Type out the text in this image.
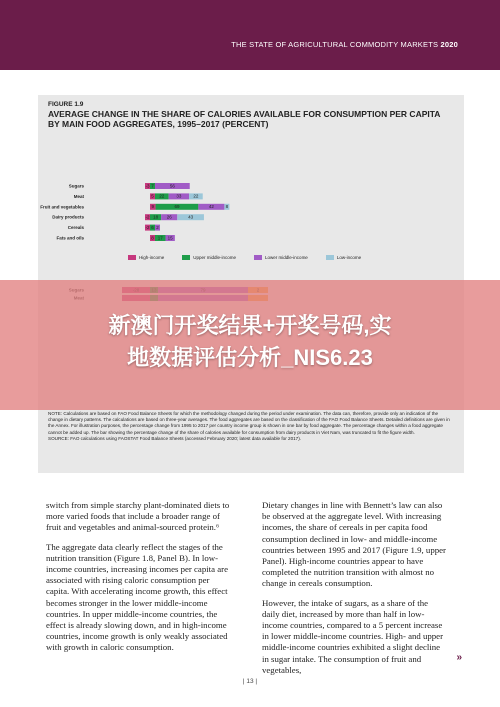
THE STATE OF AGRICULTURAL COMMODITY MARKETS 2020
FIGURE 1.9
AVERAGE CHANGE IN THE SHARE OF CALORIES AVAILABLE FOR CONSUMPTION PER CAPITA BY MAIN FOOD AGGREGATES, 1995–2017 (PERCENT)
Sugars	-3 7	56
Meat	5 22	33	22
Fruit and vegetables	9	69	42	8
Dairy products	-2 18 26	43
Cereals	-2 6 2
Fats and oils	8 17 15
High-income	Upper middle-income	Lower middle-income	Low-income
NOTE: Calculations are based on FAO Food Balance Sheets for which the methodology changed during the period under examination. The data can, therefore, provide only an indication of the change in dietary patterns. The calculations are based on three-year averages. The food aggregates are based on the classification of the FAO Food Balance Sheets. Detailed definitions are given in the Annex. For illustration purposes, the percentage change from 1995 to 2017 per country income group is shown in one bar by food aggregate. The percentage changes within a food aggregate cannot be added up. The bar showing the percentage change of the share of calories available for consumption from dairy products in Viet Nam, was truncated to fit the figure width.
SOURCE: FAO calculations using FAOSTAT Food Balance Sheets (accessed February 2020; latest data available for 2017).
新澳门开奖结果+开奖号码,实
地数据评估分析_NIS6.23

switch from simple starchy plant-dominated diets to more varied foods that include a broader range of fruit and vegetables and animal-sourced protein.⁶

The aggregate data clearly reflect the stages of the nutrition transition (Figure 1.8, Panel B). In low-income countries, increasing incomes per capita are associated with rising caloric consumption per capita. With accelerating income growth, this effect becomes stronger in the lower middle-income countries. In upper middle-income countries, the effect is already slowing down, and in high-income countries, income growth is only weakly associated with growth in caloric consumption.

Dietary changes in line with Bennett’s law can also be observed at the aggregate level. With increasing incomes, the share of cereals in per capita food consumption declined in low- and middle-income countries between 1995 and 2017 (Figure 1.9, upper Panel). High-income countries appear to have completed the nutrition transition with almost no change in cereals consumption.

However, the intake of sugars, as a share of the daily diet, increased by more than half in low-income countries, compared to a 5 percent increase in lower middle-income countries. High- and upper middle-income countries exhibited a slight decline in sugar intake. The consumption of fruit and vegetables,

»
| 13 |
